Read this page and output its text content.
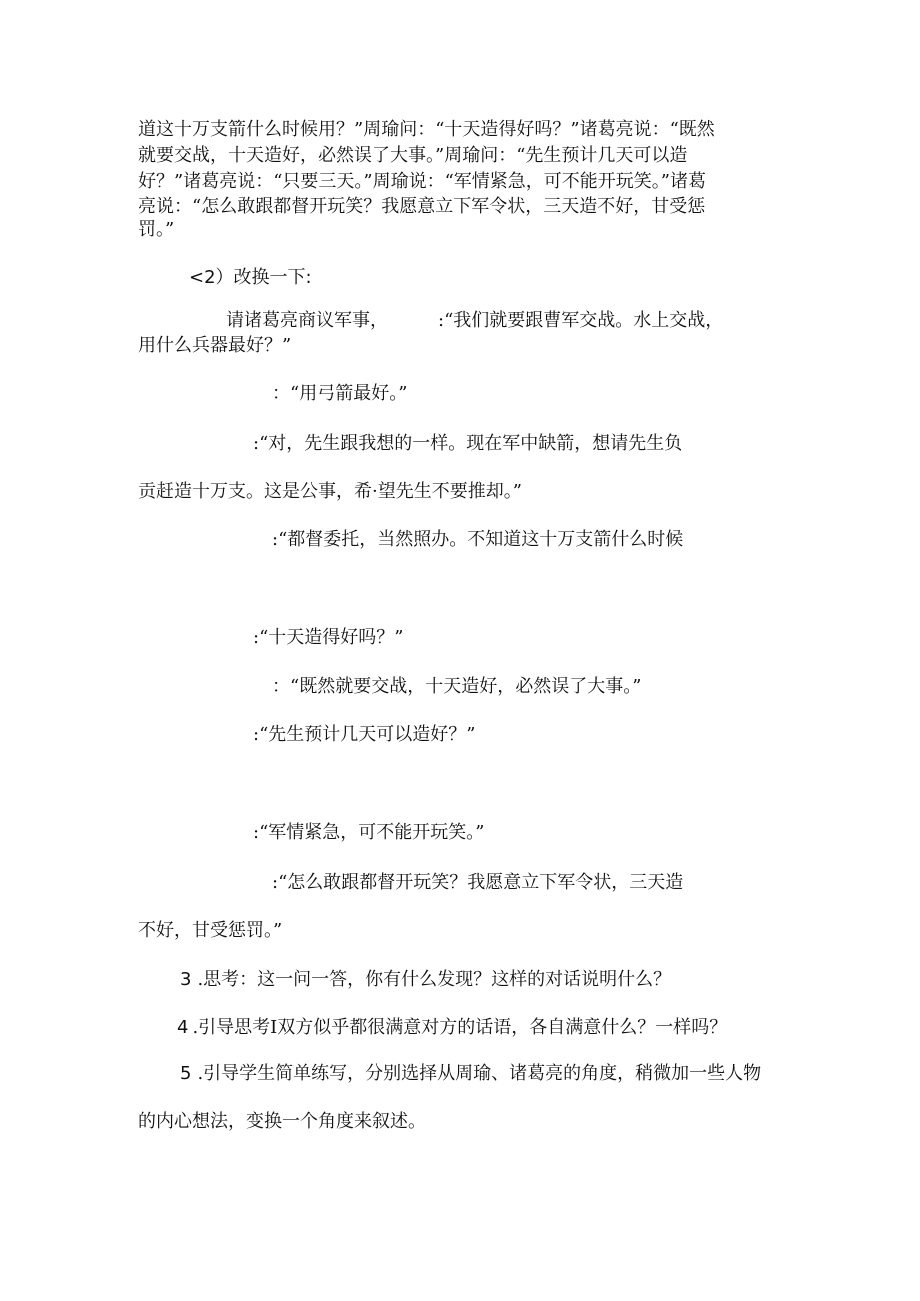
道这十万支箭什么时候用？”周瑜问：“十天造得好吗？”诸葛亮说：“既然
就要交战，十天造好，必然误了大事。”周瑜问：“先生预计几天可以造
好？”诸葛亮说：“只要三天。”周瑜说：“军情紧急，可不能开玩笑。”诸葛
亮说：“怎么敢跟都督开玩笑？我愿意立下军令状，三天造不好，甘受惩
罚。”
<2）改换一下:
请诸葛亮商议军事，	:“我们就要跟曹军交战。水上交战，
用什么兵器最好？”
：“用弓箭最好。”
:“对，先生跟我想的一样。现在军中缺箭，想请先生负
贡赶造十万支。这是公事，希·望先生不要推却。”
:“都督委托，当然照办。不知道这十万支箭什么时候
:“十天造得好吗？”
：“既然就要交战，十天造好，必然误了大事。”
:“先生预计几天可以造好？”
:“军情紧急，可不能开玩笑。”
:“怎么敢跟都督开玩笑？我愿意立下军令状，三天造
不好，甘受惩罚。”
3 .思考：这一问一答，你有什么发现？这样的对话说明什么？
4 .引导思考I双方似乎都很满意对方的话语，各自满意什么？一样吗？
5 .引导学生简单练写，分别选择从周瑜、诸葛亮的角度，稍微加一些人物
的内心想法，变换一个角度来叙述。
